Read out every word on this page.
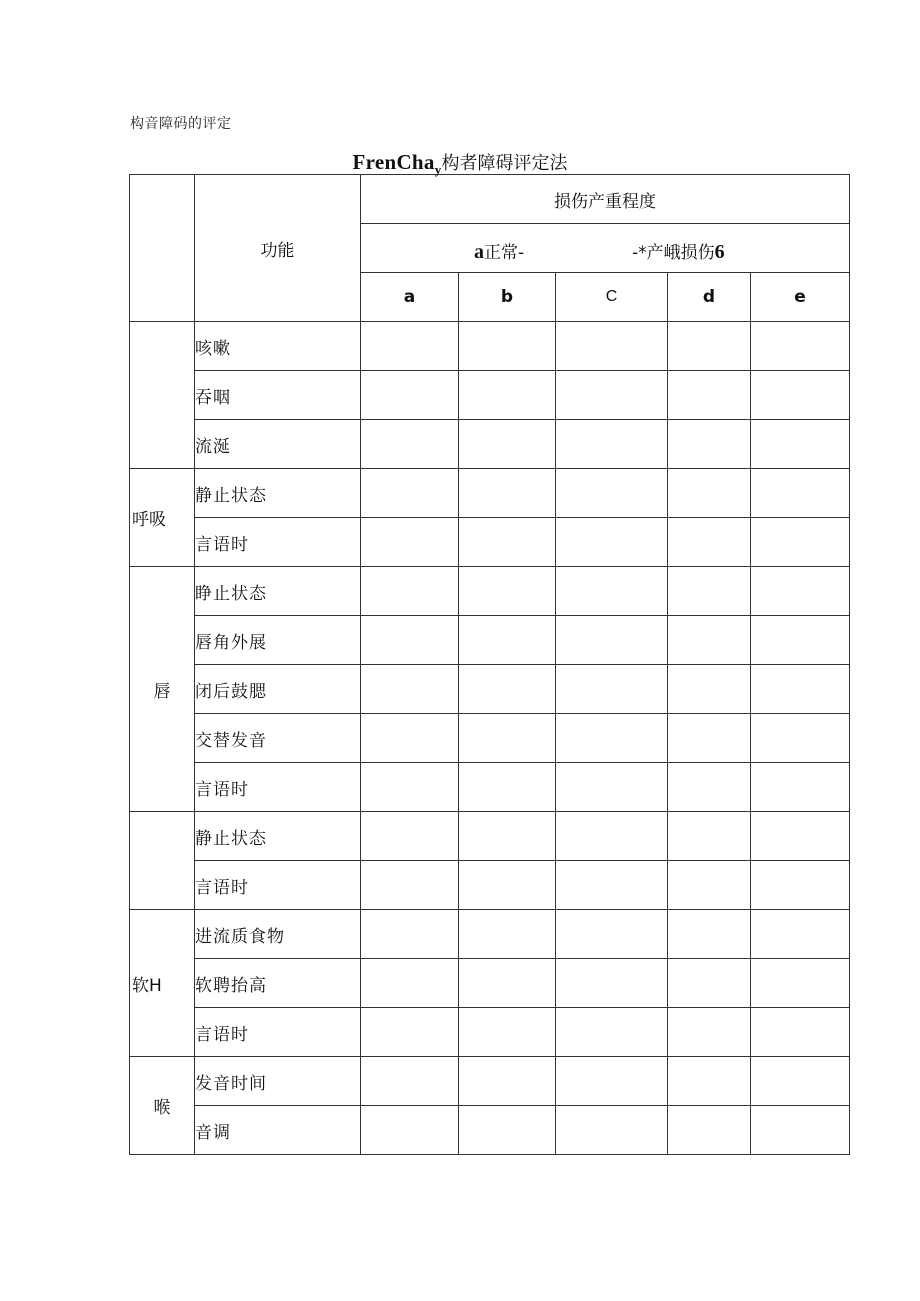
构音障码的评定
FrenCha$_y$构者障碍评定法
	功能	损伤产重程度				

		a正常- -*产峨损伤6				

		a	b	C	d	e
	咳嗽					
	吞咽					
	流涎					
呼吸	静止状态					
	言语时					
唇	睁止状态					
	唇角外展					
	闭后鼓腮					
	交替发音					
	言语时					
	静止状态					
	言语时					
软H	进流质食物					
	软聘抬高					
	言语时					
喉	发音时间					
	音调					
